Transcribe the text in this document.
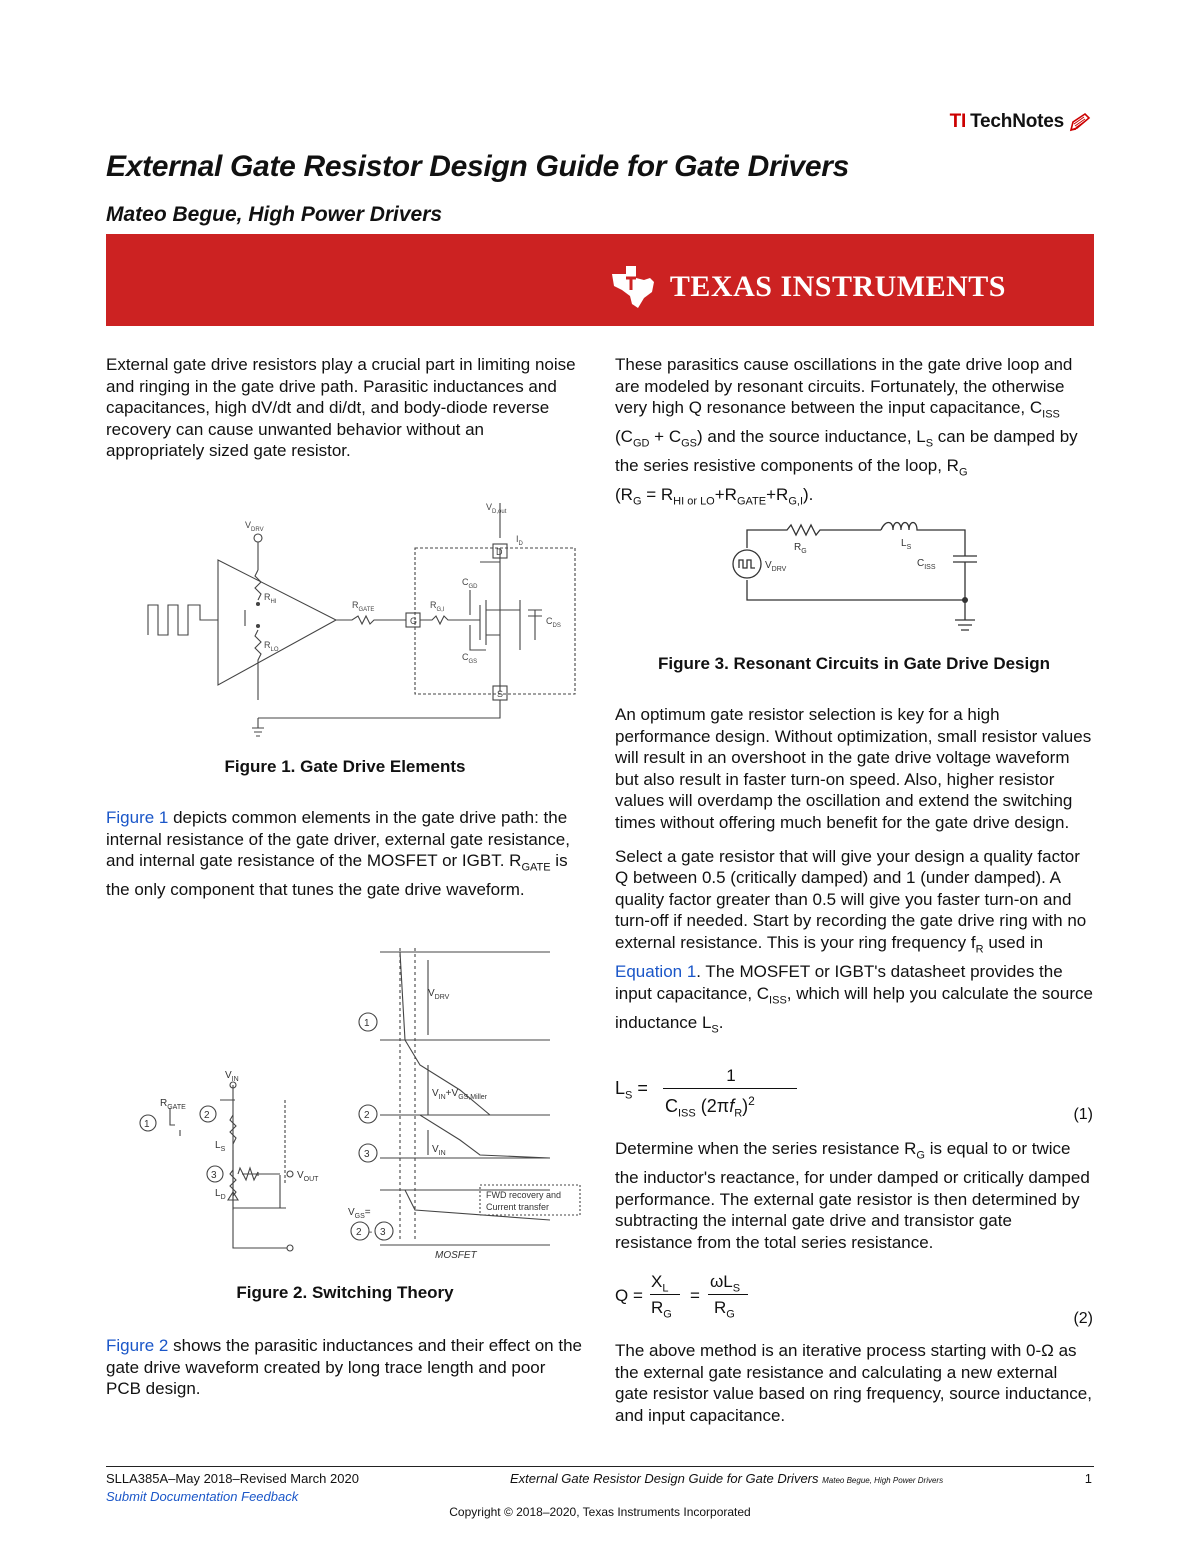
TI TechNotes
External Gate Resistor Design Guide for Gate Drivers
Mateo Begue, High Power Drivers
TEXAS INSTRUMENTS

External gate drive resistors play a crucial part in limiting noise and ringing in the gate drive path. Parasitic inductances and capacitances, high dV/dt and di/dt, and body-diode reverse recovery can cause unwanted behavior without an appropriately sized gate resistor.

$V_{DRV}$
$R_{HI}$
$R_{LO}$
$R_{GATE}$
G
D
S
$R_{G,I}$
$C_{GD}$
$C_{GS}$
$C_{DS}$
$V_{D,out}$
$I_D$
Figure 1. Gate Drive Elements

Figure 1 depicts common elements in the gate drive path: the internal resistance of the gate driver, external gate resistance, and internal gate resistance of the MOSFET or IGBT. $R_{GATE}$ is the only component that tunes the gate drive waveform.

1
2
3
1
2
3
2 3
-
$V_{IN}$
$R_{GATE}$
$L_S$
$L_D$
$V_{OUT}$
$V_{DRV}$
$V_{IN}+V_{GS,Miller}$
$V_{IN}$
FWD recovery and
Current transfer
$V_{GS}=$
MOSFET
Figure 2. Switching Theory

Figure 2 shows the parasitic inductances and their effect on the gate drive waveform created by long trace length and poor PCB design.

These parasitics cause oscillations in the gate drive loop and are modeled by resonant circuits. Fortunately, the otherwise very high Q resonance between the input capacitance, $C_{ISS}$ $(C_{GD} + C_{GS})$ and the source inductance, $L_S$ can be damped by the series resistive components of the loop, $R_G$

$(R_G = R_{HI or LO}+R_{GATE}+R_{G,I})$.

$R_G$
$L_S$
$C_{ISS}$
$V_{DRV}$
Figure 3. Resonant Circuits in Gate Drive Design

An optimum gate resistor selection is key for a high performance design. Without optimization, small resistor values will result in an overshoot in the gate drive voltage waveform but also result in faster turn-on speed. Also, higher resistor values will overdamp the oscillation and extend the switching times without offering much benefit for the gate drive design.

Select a gate resistor that will give your design a quality factor Q between 0.5 (critically damped) and 1 (under damped). A quality factor greater than 0.5 will give you faster turn-on and turn-off if needed. Start by recording the gate drive ring with no external resistance. This is your ring frequency $f_R$ used in Equation 1. The MOSFET or IGBT's datasheet provides the input capacitance, $C_{ISS}$, which will help you calculate the source inductance $L_S$.

$L_S$ =
1
$C_{ISS}$ $(2\pi f_R)^2$
(1)

Determine when the series resistance $R_G$ is equal to or twice the inductor's reactance, for under damped or critically damped performance. The external gate resistor is then determined by subtracting the internal gate drive and transistor gate resistance from the total series resistance.

Q =
$X_L$
$R_G$
=
$\omega L_S$
$R_G$	(2)

The above method is an iterative process starting with 0-Ω as the external gate resistance and calculating a new external gate resistor value based on ring frequency, source inductance, and input capacitance.

SLLA385A–May 2018–Revised March 2020
Submit Documentation Feedback
External Gate Resistor Design Guide for Gate Drivers Mateo Begue, High Power Drivers	1
Copyright © 2018–2020, Texas Instruments Incorporated
